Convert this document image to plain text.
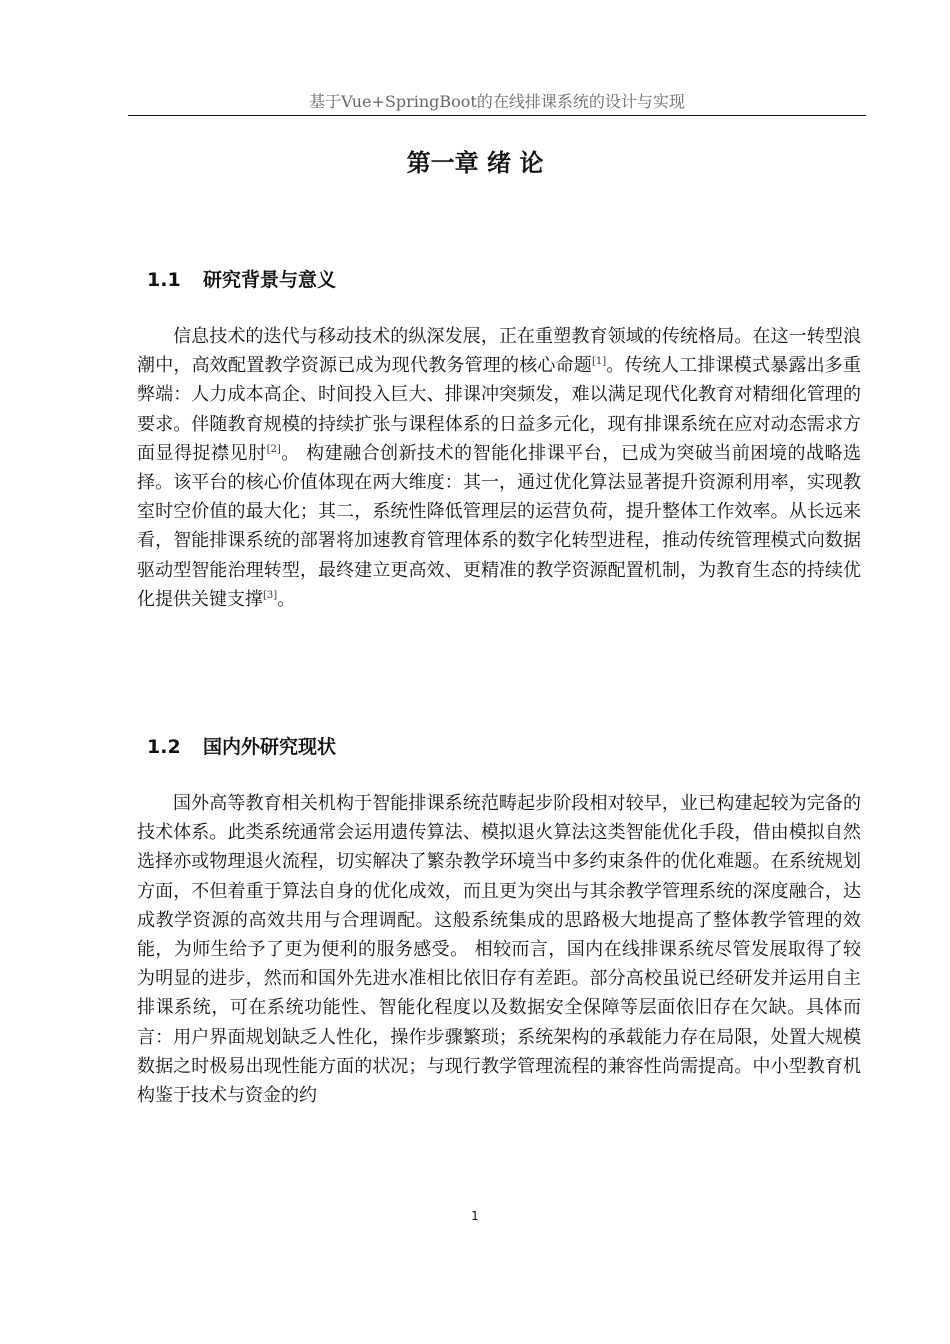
基于Vue+SpringBoot的在线排课系统的设计与实现
第一章 绪 论
1.1 研究背景与意义

信息技术的迭代与移动技术的纵深发展，正在重塑教育领域的传统格局。在这一转型浪潮中，高效配置教学资源已成为现代教务管理的核心命题[1]。传统人工排课模式暴露出多重弊端：人力成本高企、时间投入巨大、排课冲突频发，难以满足现代化教育对精细化管理的要求。伴随教育规模的持续扩张与课程体系的日益多元化，现有排课系统在应对动态需求方面显得捉襟见肘[2]。 构建融合创新技术的智能化排课平台，已成为突破当前困境的战略选择。该平台的核心价值体现在两大维度：其一，通过优化算法显著提升资源利用率，实现教室时空价值的最大化；其二，系统性降低管理层的运营负荷，提升整体工作效率。从长远来看，智能排课系统的部署将加速教育管理体系的数字化转型进程，推动传统管理模式向数据驱动型智能治理转型，最终建立更高效、更精准的教学资源配置机制，为教育生态的持续优化提供关键支撑[3]。

1.2 国内外研究现状

国外高等教育相关机构于智能排课系统范畴起步阶段相对较早，业已构建起较为完备的技术体系。此类系统通常会运用遗传算法、模拟退火算法这类智能优化手段，借由模拟自然选择亦或物理退火流程，切实解决了繁杂教学环境当中多约束条件的优化难题。在系统规划方面，不但着重于算法自身的优化成效，而且更为突出与其余教学管理系统的深度融合，达成教学资源的高效共用与合理调配。这般系统集成的思路极大地提高了整体教学管理的效能，为师生给予了更为便利的服务感受。 相较而言，国内在线排课系统尽管发展取得了较为明显的进步，然而和国外先进水准相比依旧存有差距。部分高校虽说已经研发并运用自主排课系统，可在系统功能性、智能化程度以及数据安全保障等层面依旧存在欠缺。具体而言：用户界面规划缺乏人性化，操作步骤繁琐；系统架构的承载能力存在局限，处置大规模数据之时极易出现性能方面的状况；与现行教学管理流程的兼容性尚需提高。中小型教育机构鉴于技术与资金的约

1
